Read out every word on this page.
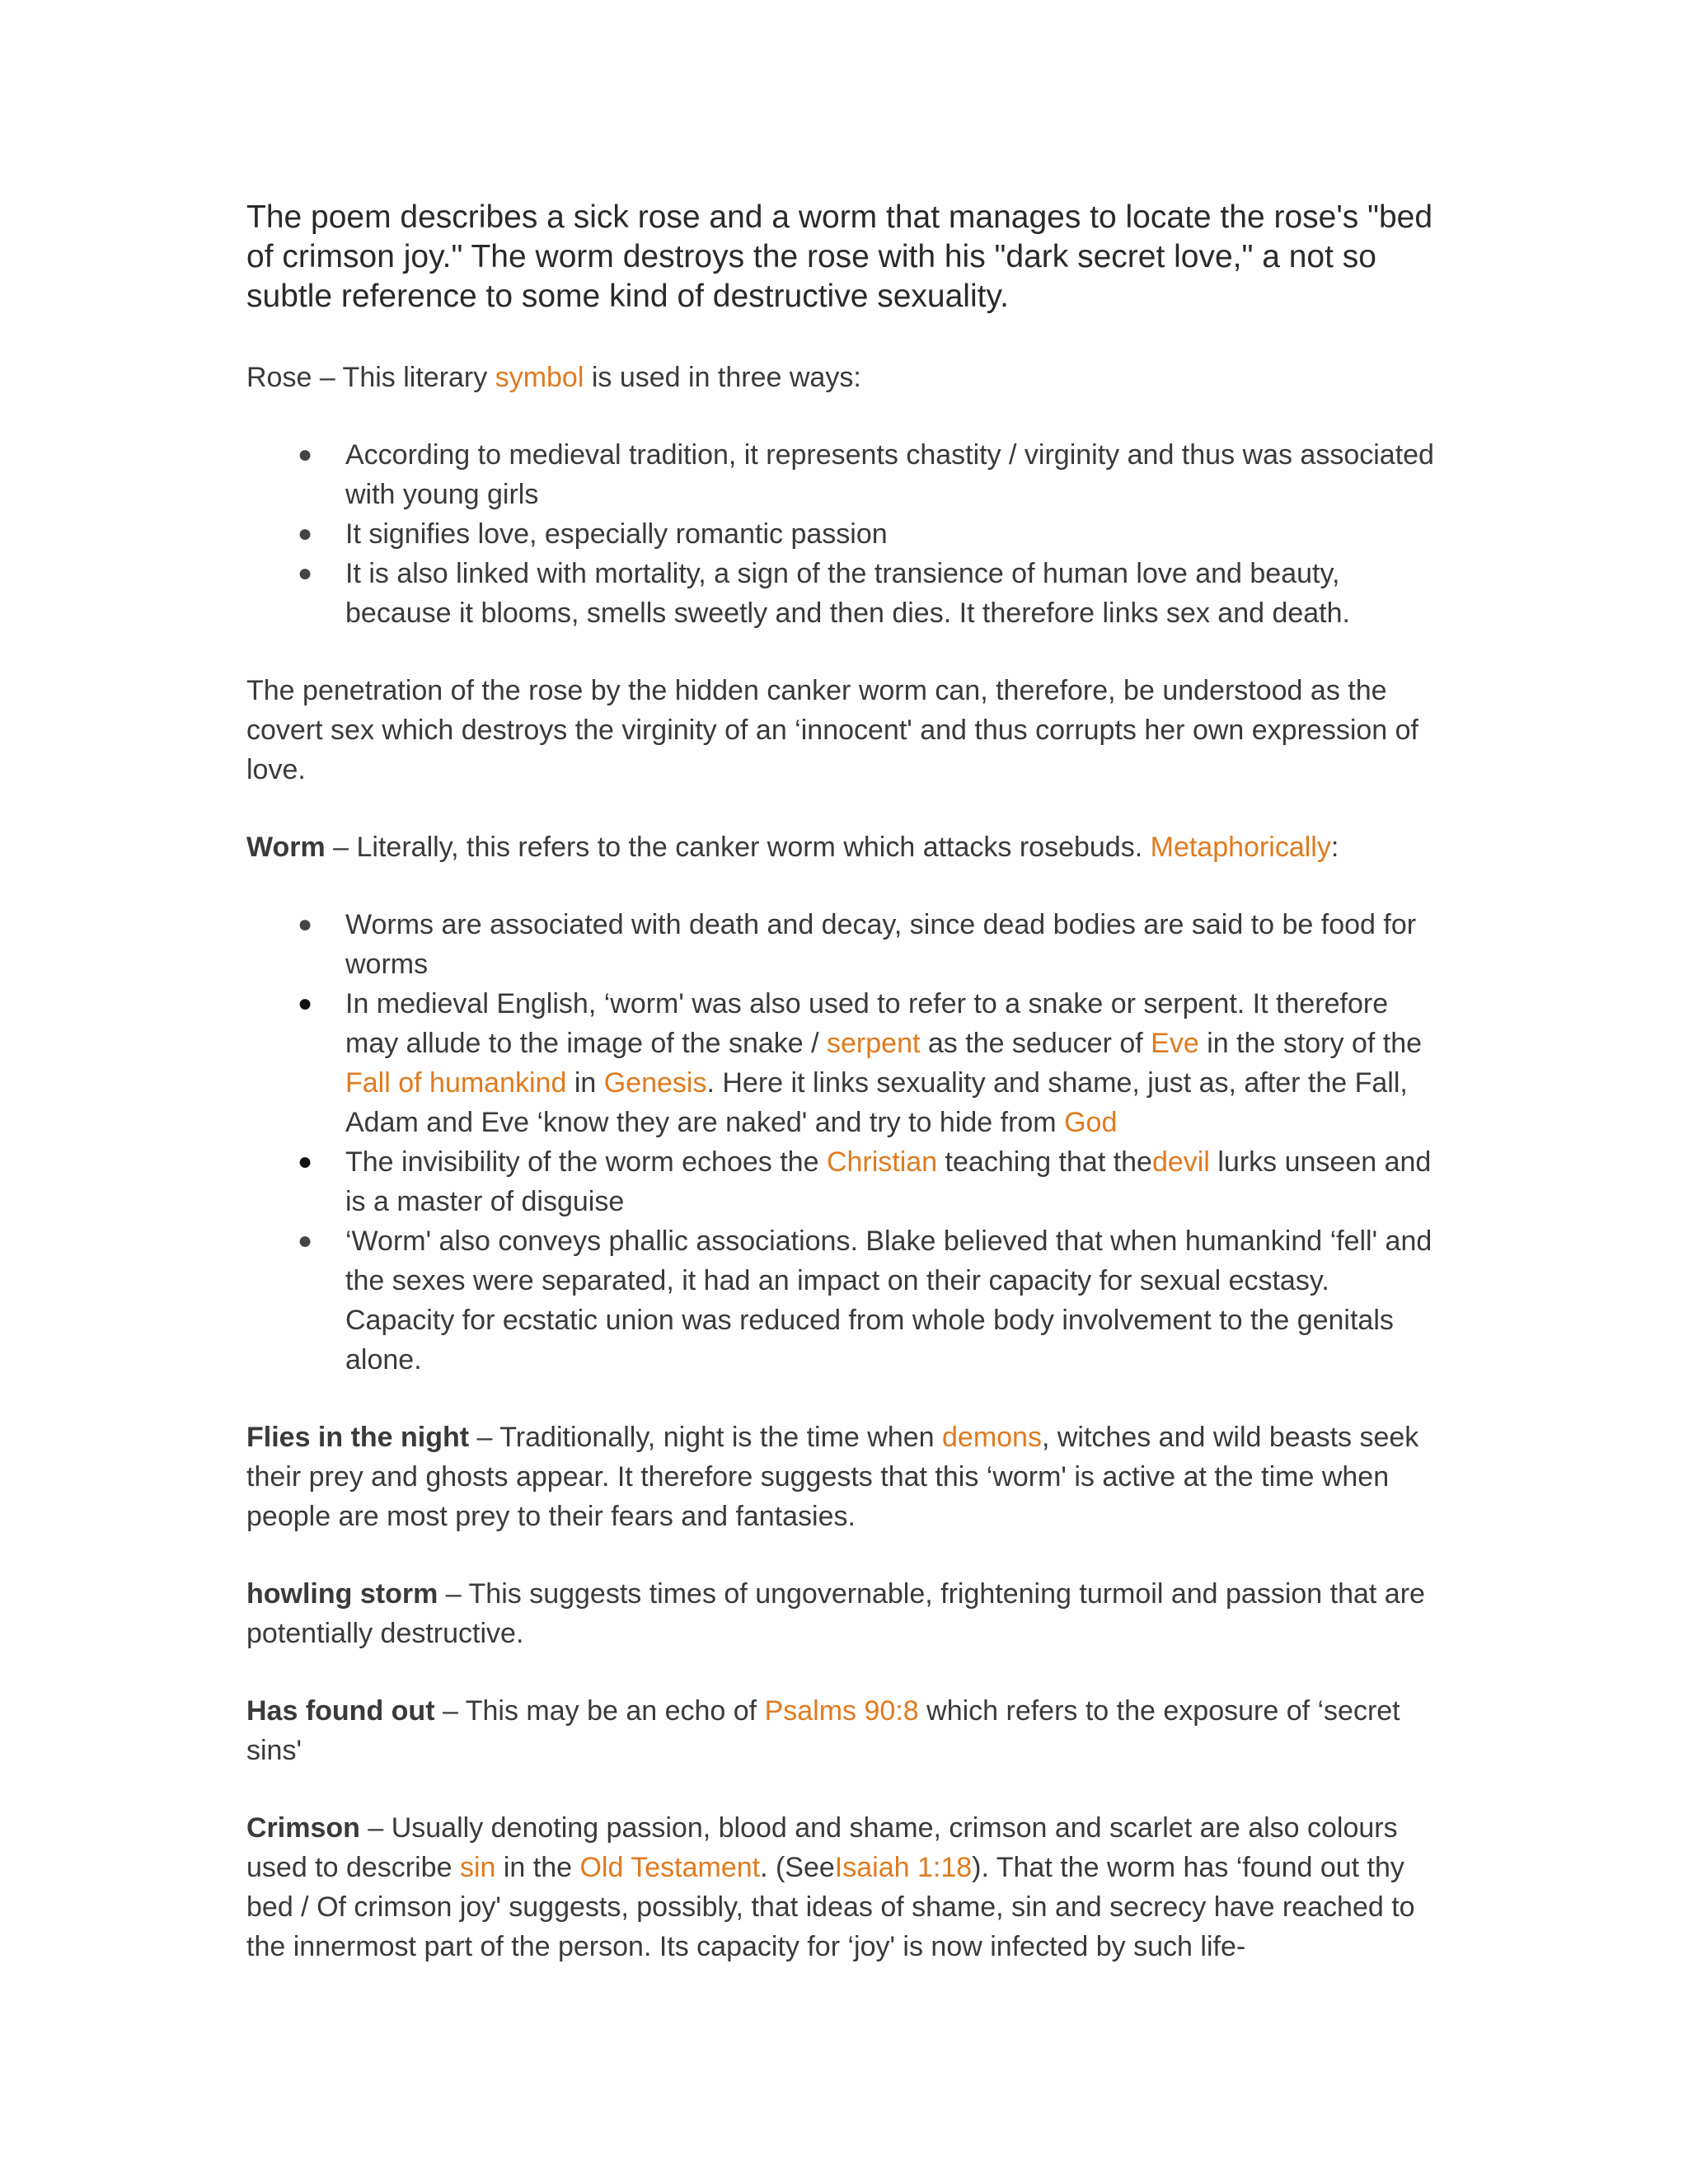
The poem describes a sick rose and a worm that manages to locate the rose's "bed of crimson joy." The worm destroys the rose with his "dark secret love," a not so subtle reference to some kind of destructive sexuality.

Rose – This literary symbol is used in three ways:

● According to medieval tradition, it represents chastity / virginity and thus was associated with young girls
● It signifies love, especially romantic passion
● It is also linked with mortality, a sign of the transience of human love and beauty, because it blooms, smells sweetly and then dies. It therefore links sex and death.

The penetration of the rose by the hidden canker worm can, therefore, be understood as the covert sex which destroys the virginity of an ‘innocent' and thus corrupts her own expression of love.

Worm – Literally, this refers to the canker worm which attacks rosebuds. Metaphorically:

● Worms are associated with death and decay, since dead bodies are said to be food for worms
● In medieval English, ‘worm' was also used to refer to a snake or serpent. It therefore may allude to the image of the snake / serpent as the seducer of Eve in the story of the Fall of humankind in Genesis. Here it links sexuality and shame, just as, after the Fall, Adam and Eve ‘know they are naked' and try to hide from God
● The invisibility of the worm echoes the Christian teaching that thedevil lurks unseen and is a master of disguise
● ‘Worm' also conveys phallic associations. Blake believed that when humankind ‘fell' and the sexes were separated, it had an impact on their capacity for sexual ecstasy. Capacity for ecstatic union was reduced from whole body involvement to the genitals alone.

Flies in the night – Traditionally, night is the time when demons, witches and wild beasts seek their prey and ghosts appear. It therefore suggests that this ‘worm' is active at the time when people are most prey to their fears and fantasies.

howling storm – This suggests times of ungovernable, frightening turmoil and passion that are potentially destructive.

Has found out – This may be an echo of Psalms 90:8 which refers to the exposure of ‘secret sins'

Crimson – Usually denoting passion, blood and shame, crimson and scarlet are also colours used to describe sin in the Old Testament. (SeeIsaiah 1:18). That the worm has ‘found out thy bed / Of crimson joy' suggests, possibly, that ideas of shame, sin and secrecy have reached to the innermost part of the person. Its capacity for ‘joy' is now infected by such life-
